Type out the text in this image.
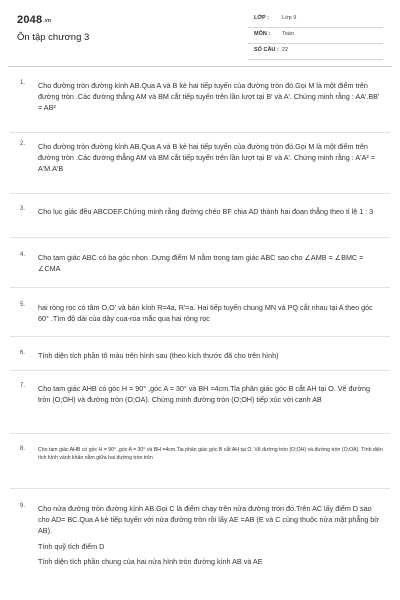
2048.vn
Ôn tập chương 3
LỚP : Lớp 9
MÔN : Toán
SỐ CÂU : 22
1. Cho đường tròn đường kính AB.Qua A và B kẻ hai tiếp tuyến của đường tròn đó.Gọi M là một điểm trên đường tròn .Các đường thẳng AM và BM cắt tiếp tuyến trên lần lượt tại B' và A'. Chứng minh rằng : AA'.BB' = AB²
2. Cho đường tròn đường kính AB.Qua A và B kẻ hai tiếp tuyến của đường tròn đó.Gọi M là một điểm trên đường tròn .Các đường thẳng AM và BM cắt tiếp tuyến trên lần lượt tại B' và A'. Chứng minh rằng : A'A² = A'M.A'B
3. Cho lục giác đều ABCDEF.Chứng minh rằng đường chéo BF chia AD thành hai đoạn thẳng theo tỉ lệ 1 : 3
4. Cho tam giác ABC có ba góc nhọn .Dựng điểm M nằm trong tam giác ABC sao cho ∠AMB = ∠BMC = ∠CMA
5. hai ròng rọc có tâm O,O' và bán kính R=4a, R'=a. Hai tiếp tuyến chung MN và PQ cắt nhau tại A theo góc 60° .Tìm độ dài của dây cua-roa mắc qua hai ròng rọc
6. Tính diện tích phần tô màu trên hình sau (theo kích thước đã cho trên hình)
7. Cho tam giác AHB có góc H = 90° ,góc A = 30° và BH =4cm.Tia phân giác góc B cắt AH tại O. Vẽ đường tròn (O;OH) và đường tròn (O;OA). Chứng minh đường tròn (O;OH) tiếp xúc với cạnh AB
8. Cho tam giác AHB có góc H = 90° ,góc A = 30° và BH =4cm.Tia phân giác góc B cắt AH tại O. Vẽ đường tròn (O;OH) và đường tròn (O;OA). Tính diện tích hình vành khăn nằm giữa hai đường tròn trên
9. Cho nửa đường tròn đường kính AB.Gọi C là điểm chạy trên nửa đường tròn đó.Trên AC lấy điểm D sao cho AD= BC.Qua A kẻ tiếp tuyến với nửa đường tròn rồi lấy AE =AB (E và C cùng thuộc nửa mặt phẳng bờ AB).
Tính quỹ tích điểm D
Tính diện tích phần chung của hai nửa hình tròn đường kính AB và AE
